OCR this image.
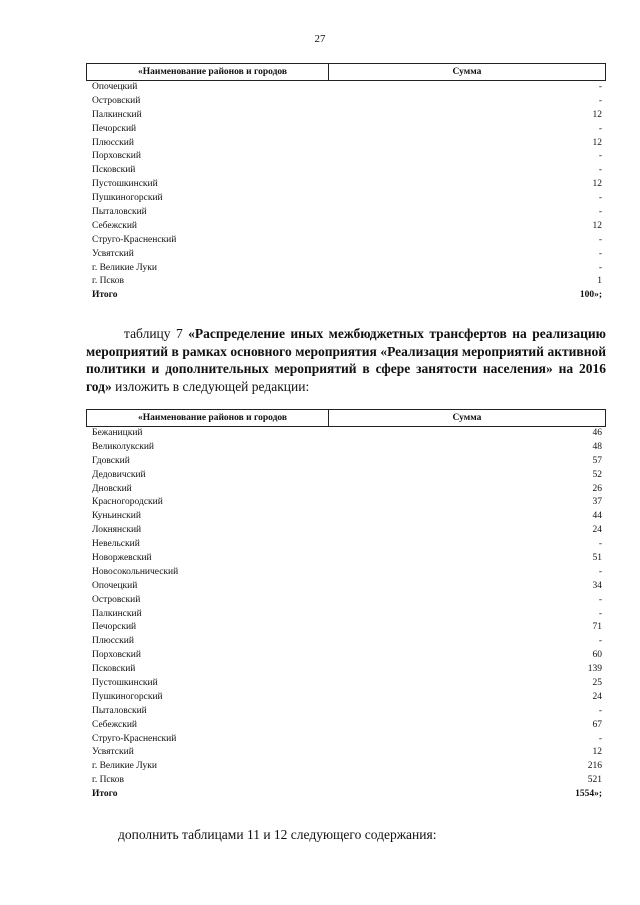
27
«Наименование районов и городов	Сумма
Опочецкий	-
Островский	-
Палкинский	12
Печорский	-
Плюсский	12
Порховский	-
Псковский	-
Пустошкинский	12
Пушкиногорский	-
Пыталовский	-
Себежский	12
Струго-Красненский	-
Усвятский	-
г. Великие Луки	-
г. Псков	1
Итого	100»;
таблицу 7 «Распределение иных межбюджетных трансфертов на реализацию мероприятий в рамках основного мероприятия «Реализация мероприятий активной политики и дополнительных мероприятий в сфере занятости населения» на 2016 год» изложить в следующей редакции:
«Наименование районов и городов	Сумма
Бежаницкий	46
Великолукский	48
Гдовский	57
Дедовичский	52
Дновский	26
Красногородский	37
Куньинский	44
Локнянский	24
Невельский	-
Новоржевский	51
Новосокольнический	-
Опочецкий	34
Островский	-
Палкинский	-
Печорский	71
Плюсский	-
Порховский	60
Псковский	139
Пустошкинский	25
Пушкиногорский	24
Пыталовский	-
Себежский	67
Струго-Красненский	-
Усвятский	12
г. Великие Луки	216
г. Псков	521
Итого	1554»;
дополнить таблицами 11 и 12 следующего содержания:
